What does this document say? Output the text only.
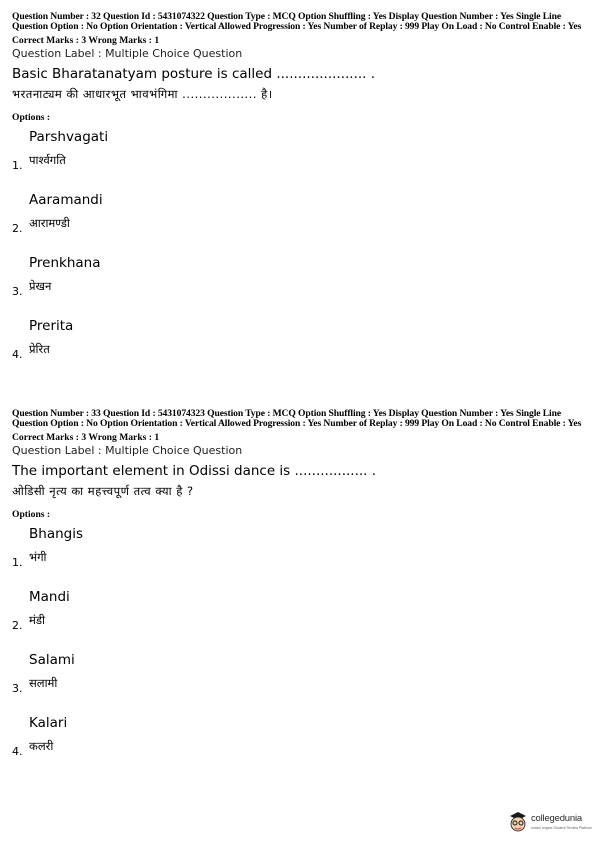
Question Number : 32 Question Id : 5431074322 Question Type : MCQ Option Shuffling : Yes Display Question Number : Yes Single Line Question Option : No Option Orientation : Vertical Allowed Progression : Yes Number of Replay : 999 Play On Load : No Control Enable : Yes
Correct Marks : 3 Wrong Marks : 1
Question Label : Multiple Choice Question
Basic Bharatanatyam posture is called ..................... .
भरतनाट्यम की आधारभूत भावभंगिमा .................. है।
Options :
Parshvagati
1. पार्श्वगति
Aaramandi
2. आरामण्डी
Prenkhana
3. प्रेखन
Prerita
4. प्रेरित
Question Number : 33 Question Id : 5431074323 Question Type : MCQ Option Shuffling : Yes Display Question Number : Yes Single Line Question Option : No Option Orientation : Vertical Allowed Progression : Yes Number of Replay : 999 Play On Load : No Control Enable : Yes
Correct Marks : 3 Wrong Marks : 1
Question Label : Multiple Choice Question
The important element in Odissi dance is ................. .
ओडिसी नृत्य का महत्त्वपूर्ण तत्व क्या है ?
Options :
Bhangis
1. भंगी
Mandi
2. मंडी
Salami
3. सलामी
Kalari
4. कलरी
collegedunia
India's largest Student Review Platform
